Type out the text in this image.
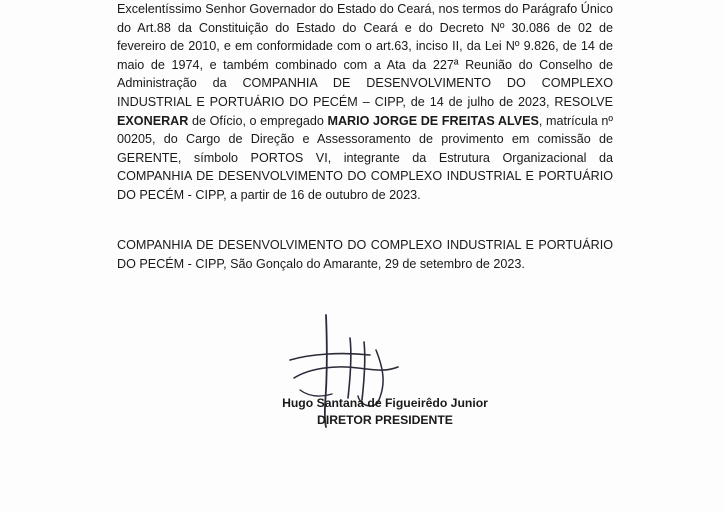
Excelentíssimo Senhor Governador do Estado do Ceará, nos termos do Parágrafo Único do Art.88 da Constituição do Estado do Ceará e do Decreto Nº 30.086 de 02 de fevereiro de 2010, e em conformidade com o art.63, inciso II, da Lei Nº 9.826, de 14 de maio de 1974, e também combinado com a Ata da 227ª Reunião do Conselho de Administração da COMPANHIA DE DESENVOLVIMENTO DO COMPLEXO INDUSTRIAL E PORTUÁRIO DO PECÉM – CIPP, de 14 de julho de 2023, RESOLVE EXONERAR de Ofício, o empregado MARIO JORGE DE FREITAS ALVES, matrícula nº 00205, do Cargo de Direção e Assessoramento de provimento em comissão de GERENTE, símbolo PORTOS VI, integrante da Estrutura Organizacional da COMPANHIA DE DESENVOLVIMENTO DO COMPLEXO INDUSTRIAL E PORTUÁRIO DO PECÉM - CIPP, a partir de 16 de outubro de 2023.
COMPANHIA DE DESENVOLVIMENTO DO COMPLEXO INDUSTRIAL E PORTUÁRIO DO PECÉM - CIPP, São Gonçalo do Amarante, 29 de setembro de 2023.
Hugo Santana de Figueirêdo Junior
DIRETOR PRESIDENTE
